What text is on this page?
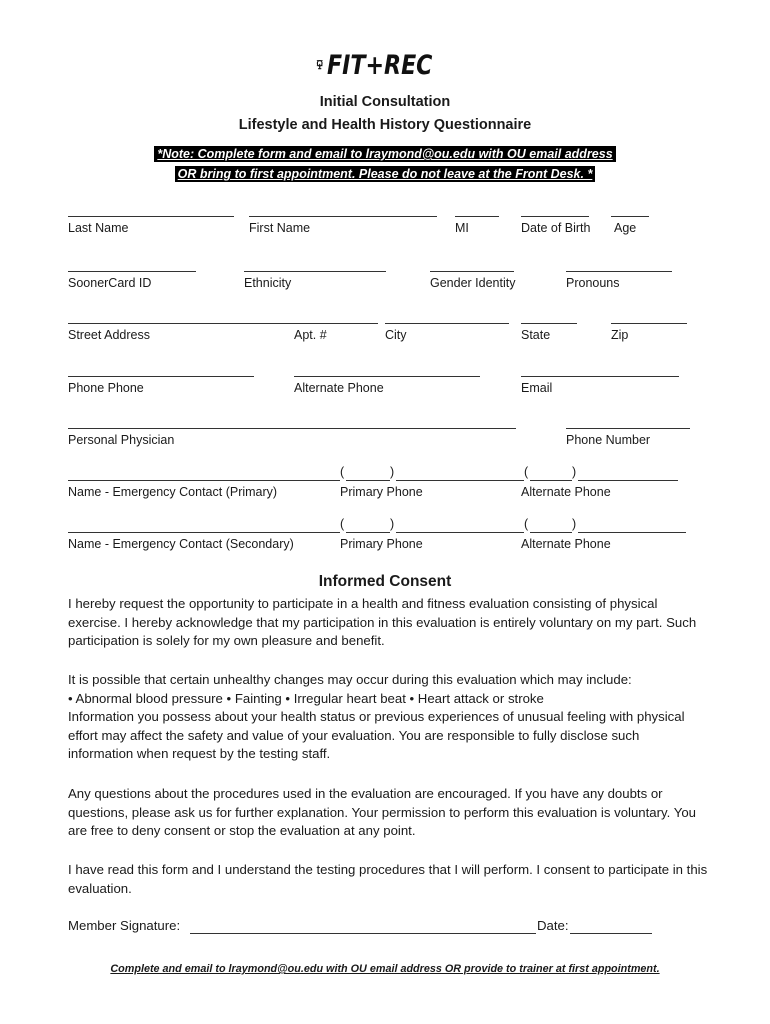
FIT+REC
Initial Consultation
Lifestyle and Health History Questionnaire
*Note: Complete form and email to lraymond@ou.edu with OU email address
OR bring to first appointment. Please do not leave at the Front Desk. *
Last Name	First Name	MI	Date of Birth Age
SoonerCard ID	Ethnicity	Gender Identity	Pronouns
Street Address	Apt. #	City	State	Zip
Phone Phone	Alternate Phone	Email
Personal Physician	Phone Number
(	)	(	)
Name - Emergency Contact (Primary)	Primary Phone	Alternate Phone
(	)	(	)
Name - Emergency Contact (Secondary)	Primary Phone	Alternate Phone
Informed Consent

I hereby request the opportunity to participate in a health and fitness evaluation consisting of physical exercise. I hereby acknowledge that my participation in this evaluation is entirely voluntary on my part. Such participation is solely for my own pleasure and benefit.

It is possible that certain unhealthy changes may occur during this evaluation which may include:

• Abnormal blood pressure • Fainting • Irregular heart beat • Heart attack or stroke

Information you possess about your health status or previous experiences of unusual feeling with physical effort may affect the safety and value of your evaluation. You are responsible to fully disclose such information when request by the testing staff.

Any questions about the procedures used in the evaluation are encouraged. If you have any doubts or questions, please ask us for further explanation. Your permission to perform this evaluation is voluntary. You are free to deny consent or stop the evaluation at any point.

I have read this form and I understand the testing procedures that I will perform. I consent to participate in this evaluation.

Member Signature:	Date:
Complete and email to lraymond@ou.edu with OU email address OR provide to trainer at first appointment.
